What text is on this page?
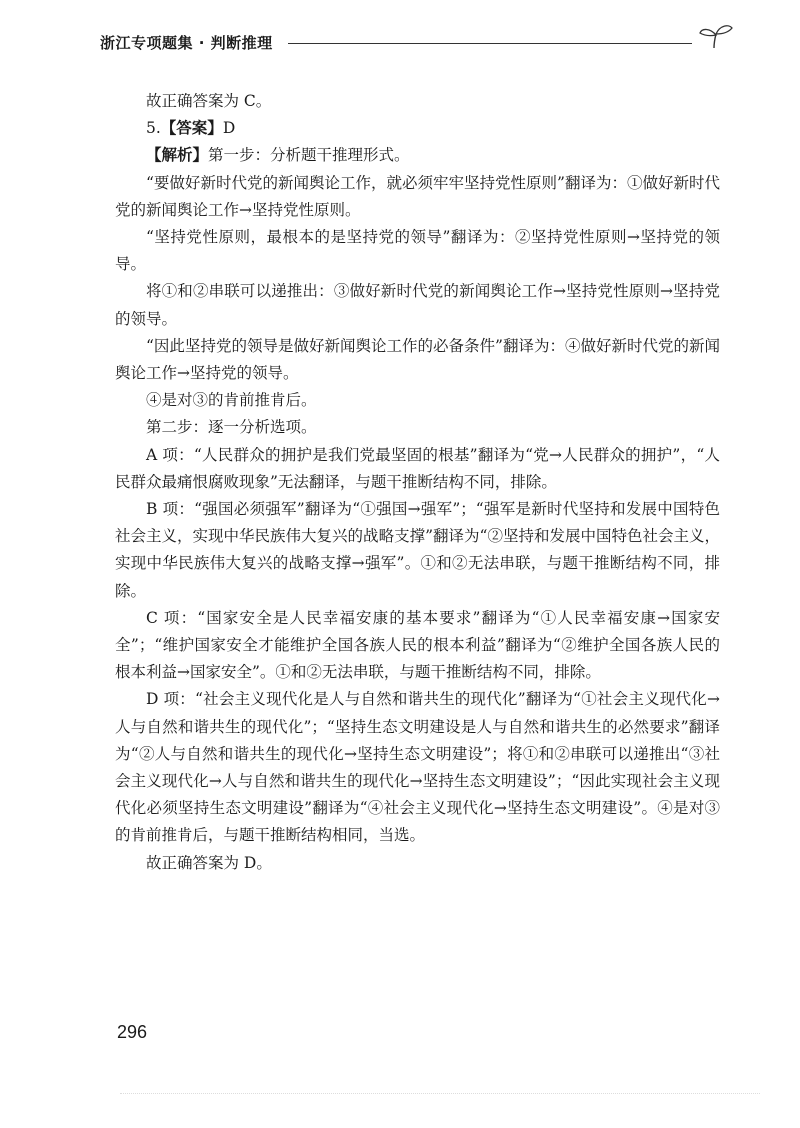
浙江专项题集 · 判断推理

故正确答案为 C。

5.【答案】D

【解析】第一步：分析题干推理形式。

“要做好新时代党的新闻舆论工作，就必须牢牢坚持党性原则”翻译为：①做好新时代党的新闻舆论工作→坚持党性原则。

“坚持党性原则，最根本的是坚持党的领导”翻译为：②坚持党性原则→坚持党的领导。

将①和②串联可以递推出：③做好新时代党的新闻舆论工作→坚持党性原则→坚持党的领导。

“因此坚持党的领导是做好新闻舆论工作的必备条件”翻译为：④做好新时代党的新闻舆论工作→坚持党的领导。

④是对③的肯前推肯后。

第二步：逐一分析选项。

A 项：“人民群众的拥护是我们党最坚固的根基”翻译为“党→人民群众的拥护”，“人民群众最痛恨腐败现象”无法翻译，与题干推断结构不同，排除。

B 项：“强国必须强军”翻译为“①强国→强军”；“强军是新时代坚持和发展中国特色社会主义，实现中华民族伟大复兴的战略支撑”翻译为“②坚持和发展中国特色社会主义，实现中华民族伟大复兴的战略支撑→强军”。①和②无法串联，与题干推断结构不同，排除。

C 项：“国家安全是人民幸福安康的基本要求”翻译为“①人民幸福安康→国家安全”；“维护国家安全才能维护全国各族人民的根本利益”翻译为“②维护全国各族人民的根本利益→国家安全”。①和②无法串联，与题干推断结构不同，排除。

D 项：“社会主义现代化是人与自然和谐共生的现代化”翻译为“①社会主义现代化→人与自然和谐共生的现代化”；“坚持生态文明建设是人与自然和谐共生的必然要求”翻译为“②人与自然和谐共生的现代化→坚持生态文明建设”；将①和②串联可以递推出“③社会主义现代化→人与自然和谐共生的现代化→坚持生态文明建设”；“因此实现社会主义现代化必须坚持生态文明建设”翻译为“④社会主义现代化→坚持生态文明建设”。④是对③的肯前推肯后，与题干推断结构相同，当选。

故正确答案为 D。

296
